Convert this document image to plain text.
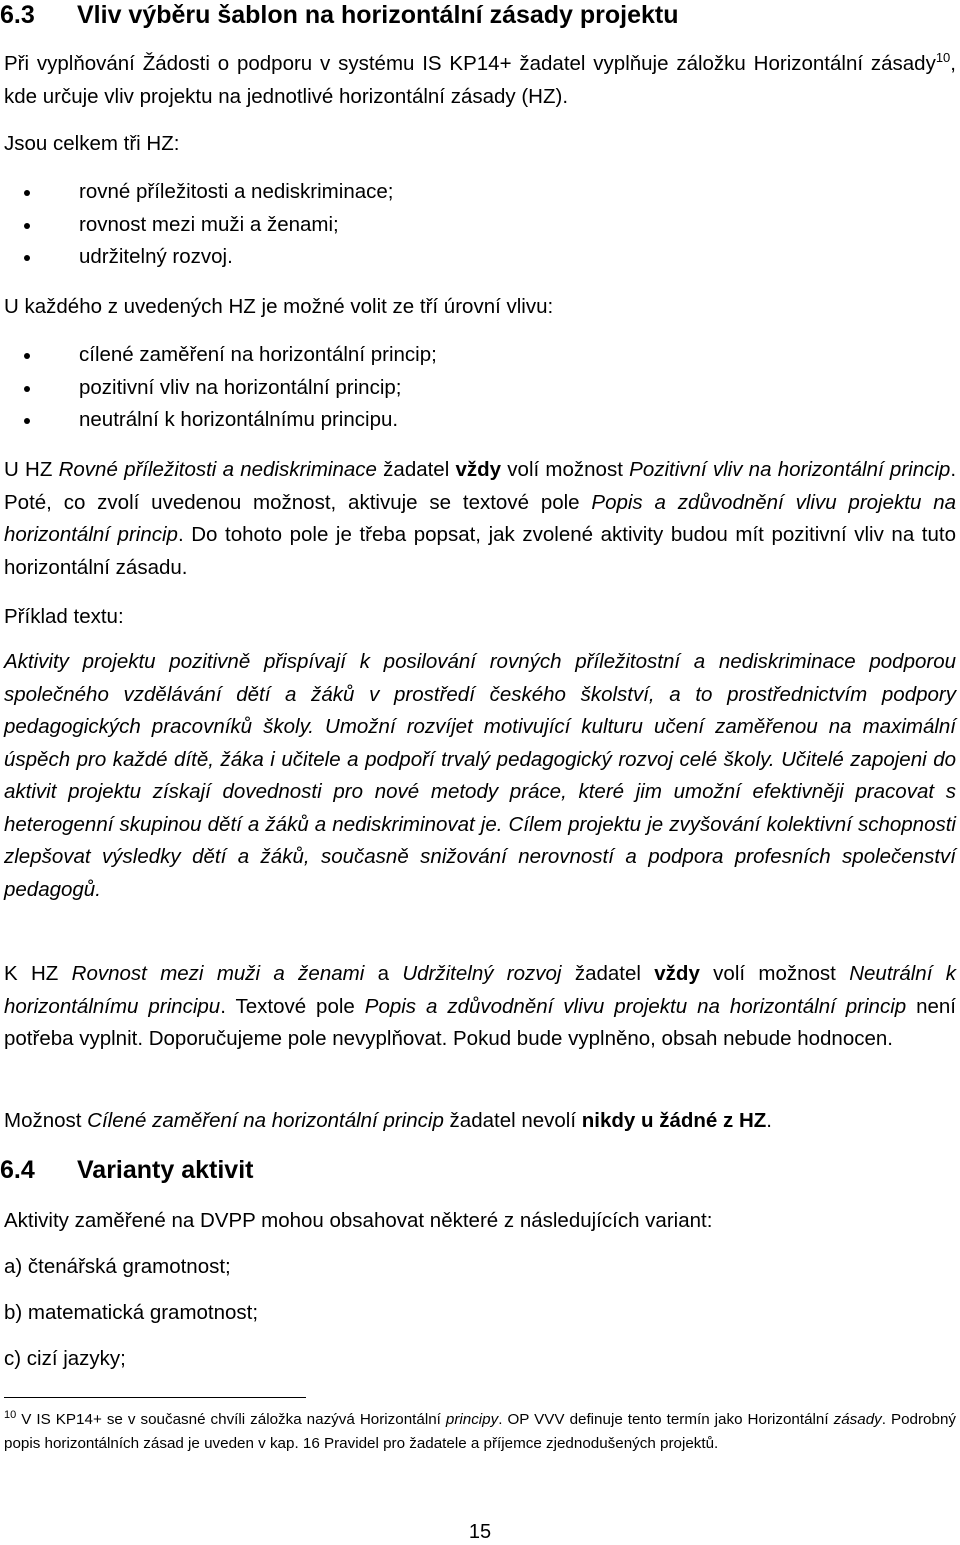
6.3 Vliv výběru šablon na horizontální zásady projektu

Při vyplňování Žádosti o podporu v systému IS KP14+ žadatel vyplňuje záložku Horizontální zásady$^{10}$, kde určuje vliv projektu na jednotlivé horizontální zásady (HZ).

Jsou celkem tři HZ:

rovné příležitosti a nediskriminace;
rovnost mezi muži a ženami;
udržitelný rozvoj.

U každého z uvedených HZ je možné volit ze tří úrovní vlivu:

cílené zaměření na horizontální princip;
pozitivní vliv na horizontální princip;
neutrální k horizontálnímu principu.

U HZ Rovné příležitosti a nediskriminace žadatel vždy volí možnost Pozitivní vliv na horizontální princip. Poté, co zvolí uvedenou možnost, aktivuje se textové pole Popis a zdůvodnění vlivu projektu na horizontální princip. Do tohoto pole je třeba popsat, jak zvolené aktivity budou mít pozitivní vliv na tuto horizontální zásadu.

Příklad textu:

Aktivity projektu pozitivně přispívají k posilování rovných příležitostní a nediskriminace podporou společného vzdělávání dětí a žáků v prostředí českého školství, a to prostřednictvím podpory pedagogických pracovníků školy. Umožní rozvíjet motivující kulturu učení zaměřenou na maximální úspěch pro každé dítě, žáka i učitele a podpoří trvalý pedagogický rozvoj celé školy. Učitelé zapojeni do aktivit projektu získají dovednosti pro nové metody práce, které jim umožní efektivněji pracovat s heterogenní skupinou dětí a žáků a nediskriminovat je. Cílem projektu je zvyšování kolektivní schopnosti zlepšovat výsledky dětí a žáků, současně snižování nerovností a podpora profesních společenství pedagogů.

K HZ Rovnost mezi muži a ženami a Udržitelný rozvoj žadatel vždy volí možnost Neutrální k horizontálnímu principu. Textové pole Popis a zdůvodnění vlivu projektu na horizontální princip není potřeba vyplnit. Doporučujeme pole nevyplňovat. Pokud bude vyplněno, obsah nebude hodnocen.

Možnost Cílené zaměření na horizontální princip žadatel nevolí nikdy u žádné z HZ.

6.4 Varianty aktivit

Aktivity zaměřené na DVPP mohou obsahovat některé z následujících variant:

a) čtenářská gramotnost;

b) matematická gramotnost;

c) cizí jazyky;

$^{10}$ V IS KP14+ se v současné chvíli záložka nazývá Horizontální principy. OP VVV definuje tento termín jako Horizontální zásady. Podrobný popis horizontálních zásad je uveden v kap. 16 Pravidel pro žadatele a příjemce zjednodušených projektů.

15
